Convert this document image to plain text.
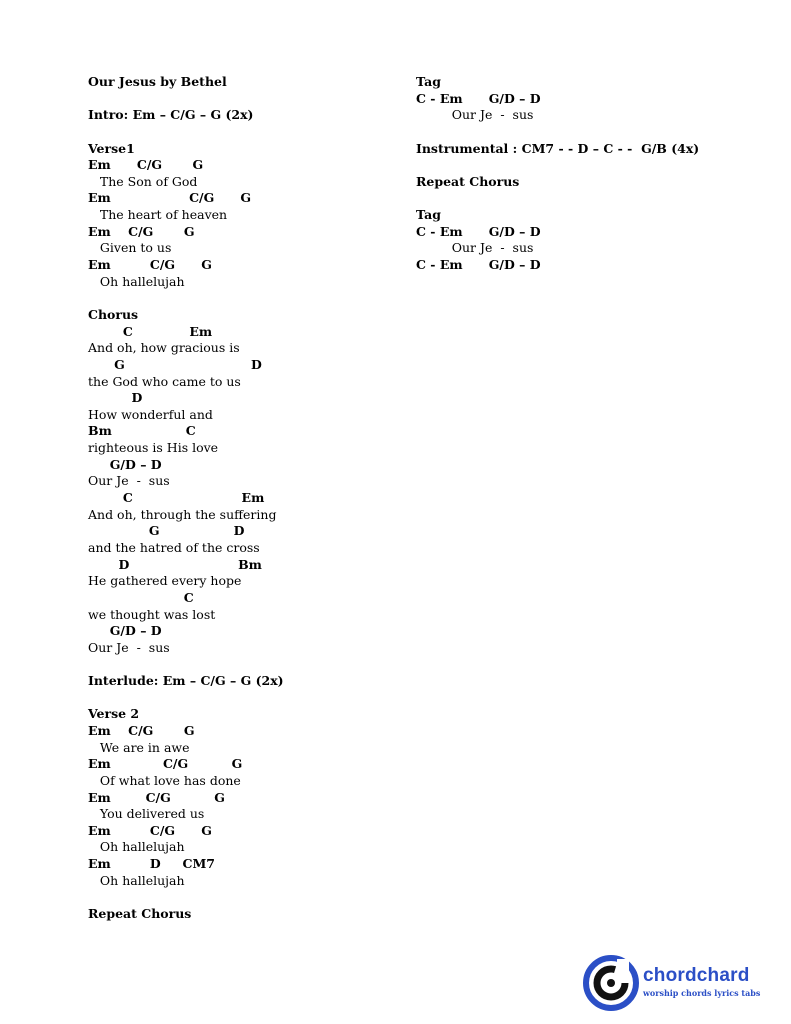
Our Jesus by Bethel
Intro: Em – C/G – G (2x)
Verse1
Em      C/G       G
The Son of God
Em                  C/G      G
The heart of heaven
Em    C/G       G
Given to us
Em         C/G      G
Oh hallelujah
Chorus
C             Em
And oh, how gracious is
G                             D
the God who came to us
D
How wonderful and
Bm                 C
righteous is His love
G/D – D
Our Je  -  sus
C                         Em
And oh, through the suffering
G                 D
and the hatred of the cross
D                         Bm
He gathered every hope
C
we thought was lost
G/D – D
Our Je  -  sus
Interlude: Em – C/G – G (2x)
Verse 2
Em    C/G       G
We are in awe
Em            C/G          G
Of what love has done
Em        C/G          G
You delivered us
Em         C/G      G
Oh hallelujah
Em         D     CM7
Oh hallelujah
Repeat Chorus
Tag
C - Em      G/D – D
Our Je  -  sus
Instrumental : CM7 - - D – C - -  G/B (4x)
Repeat Chorus
Tag
C - Em      G/D – D
Our Je  -  sus
C - Em      G/D – D
chordchard
worship chords lyrics tabs
